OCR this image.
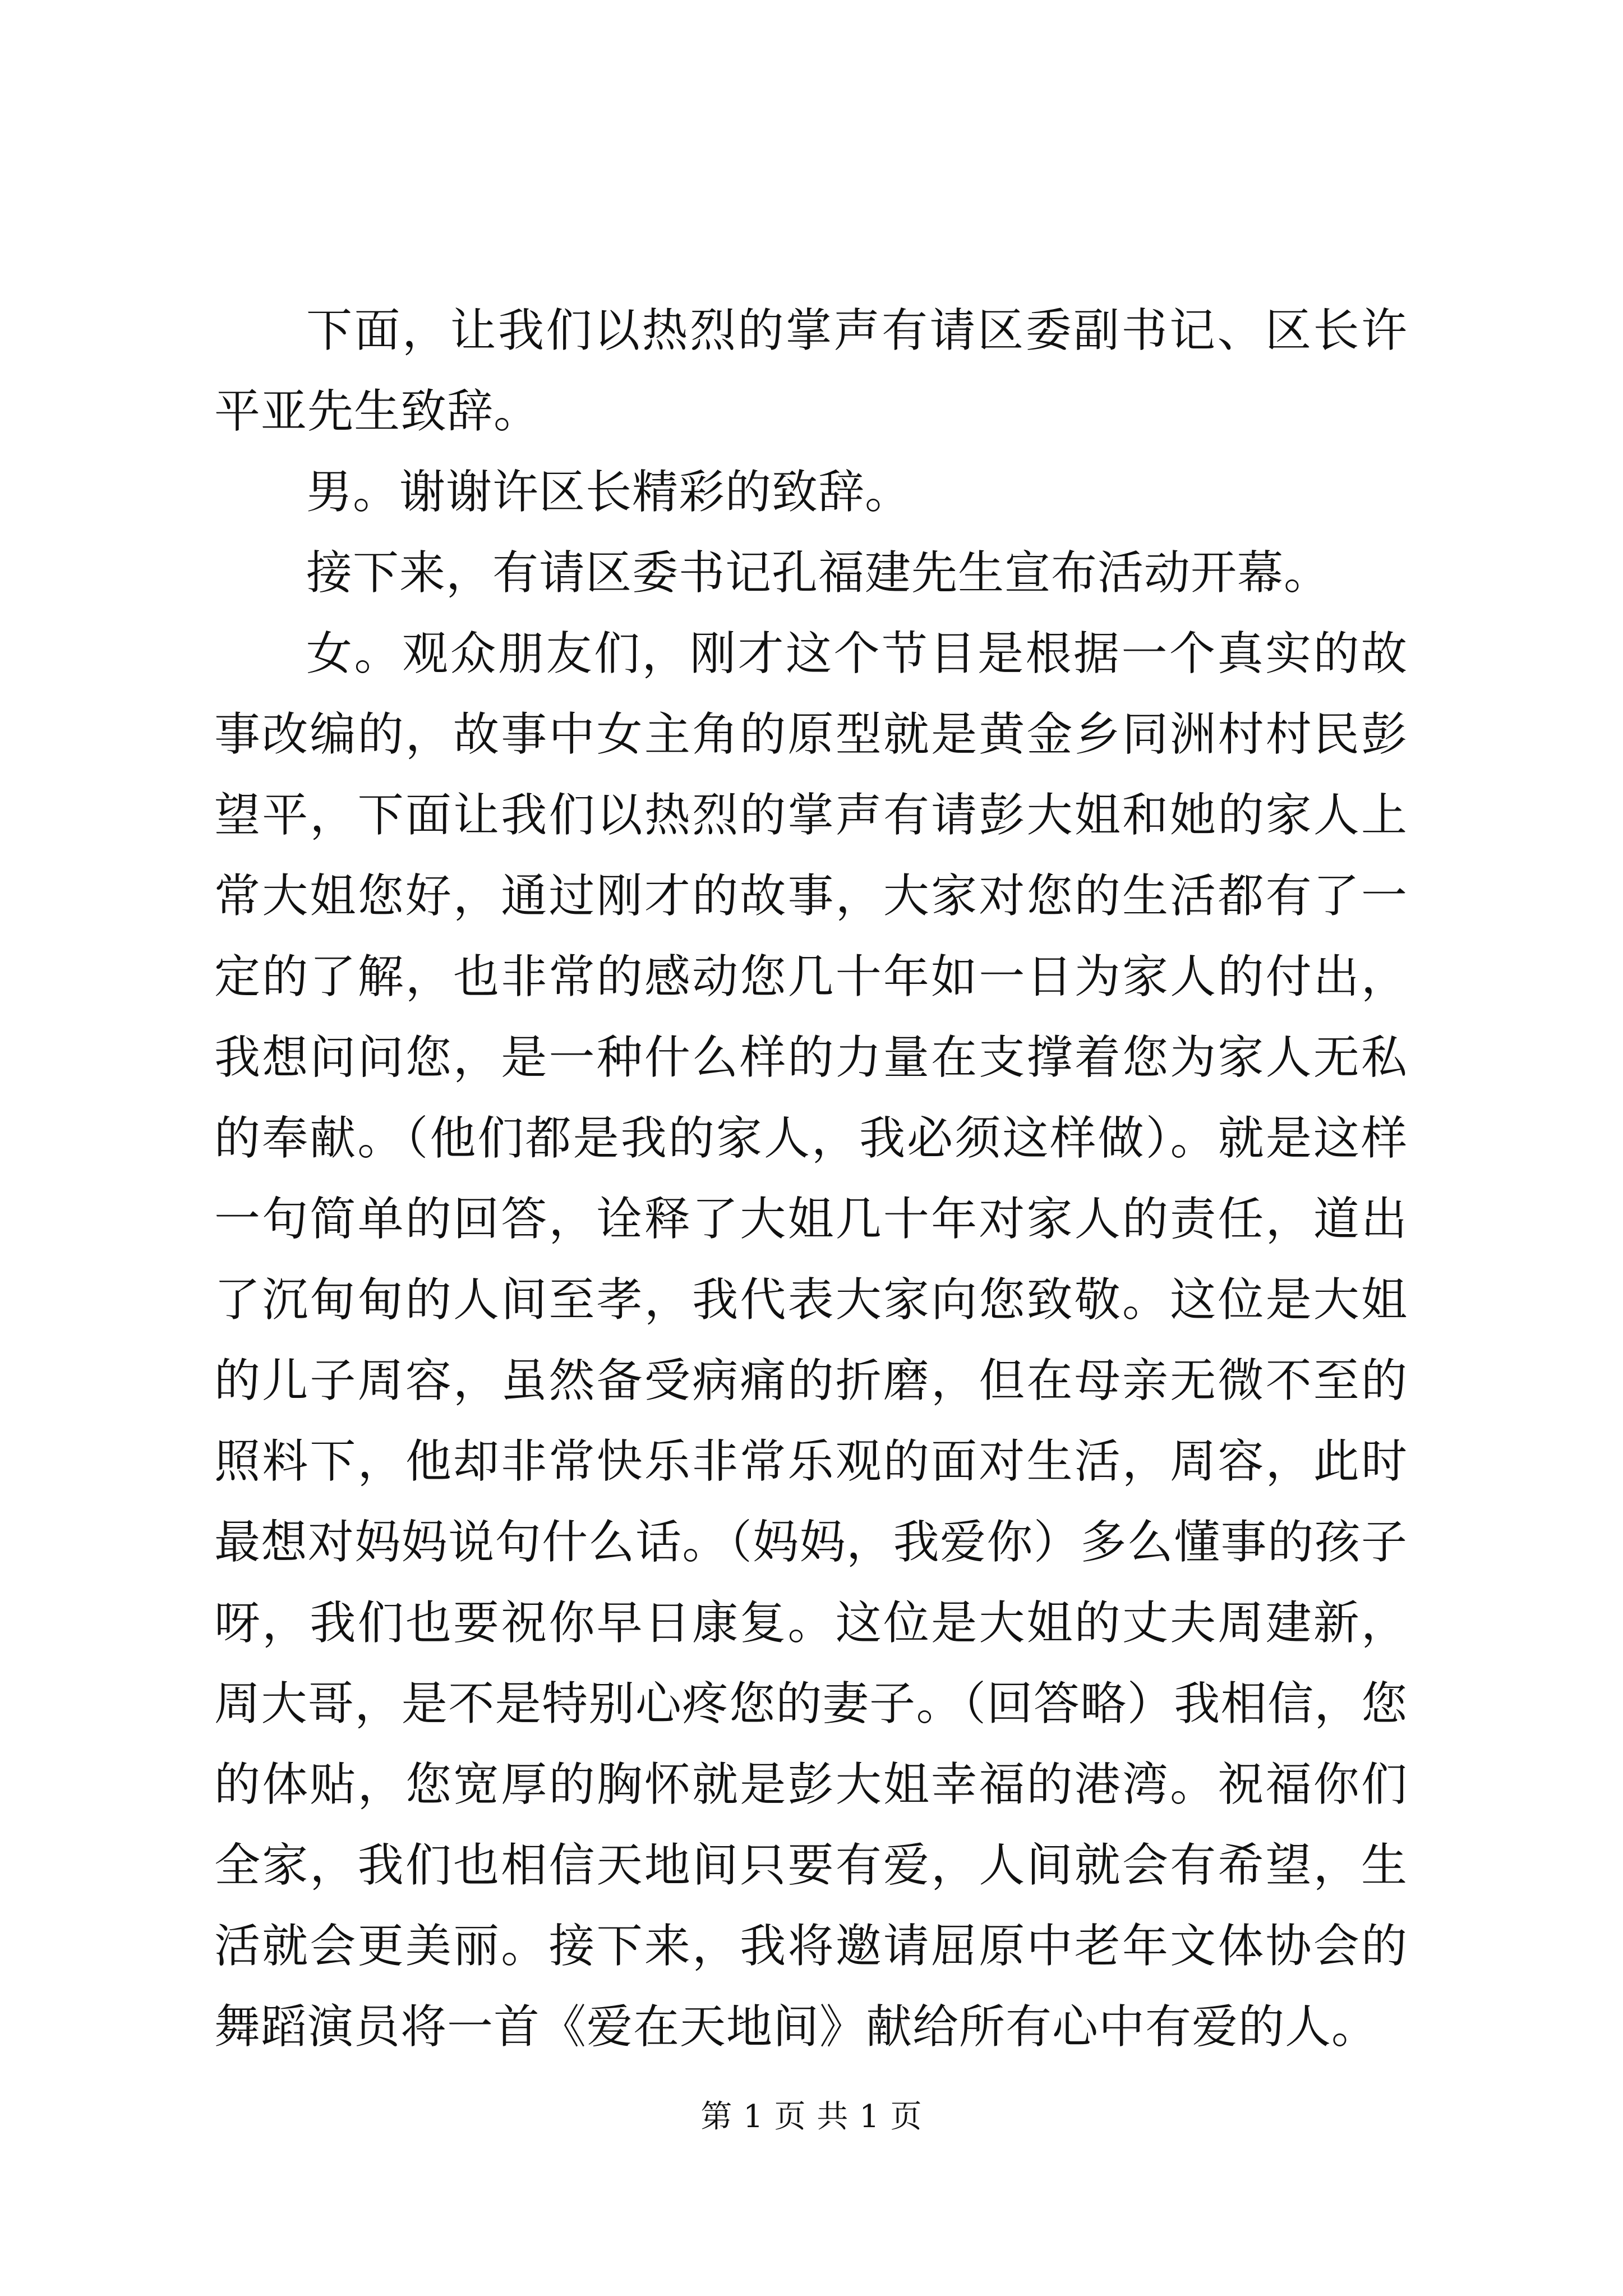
下面，让我们以热烈的掌声有请区委副书记、区长许平亚先生致辞。

男。谢谢许区长精彩的致辞。

接下来，有请区委书记孔福建先生宣布活动开幕。

女。观众朋友们，刚才这个节目是根据一个真实的故事改编的，故事中女主角的原型就是黄金乡同洲村村民彭望平，下面让我们以热烈的掌声有请彭大姐和她的家人上常大姐您好，通过刚才的故事，大家对您的生活都有了一定的了解，也非常的感动您几十年如一日为家人的付出，我想问问您，是一种什么样的力量在支撑着您为家人无私的奉献。（他们都是我的家人，我必须这样做）。就是这样一句简单的回答，诠释了大姐几十年对家人的责任，道出了沉甸甸的人间至孝，我代表大家向您致敬。这位是大姐的儿子周容，虽然备受病痛的折磨，但在母亲无微不至的照料下，他却非常快乐非常乐观的面对生活，周容，此时最想对妈妈说句什么话。（妈妈，我爱你）多么懂事的孩子呀，我们也要祝你早日康复。这位是大姐的丈夫周建新，周大哥，是不是特别心疼您的妻子。（回答略）我相信，您的体贴，您宽厚的胸怀就是彭大姐幸福的港湾。祝福你们全家，我们也相信天地间只要有爱，人间就会有希望，生活就会更美丽。接下来，我将邀请屈原中老年文体协会的舞蹈演员将一首《爱在天地间》献给所有心中有爱的人。

第 1 页 共 1 页
